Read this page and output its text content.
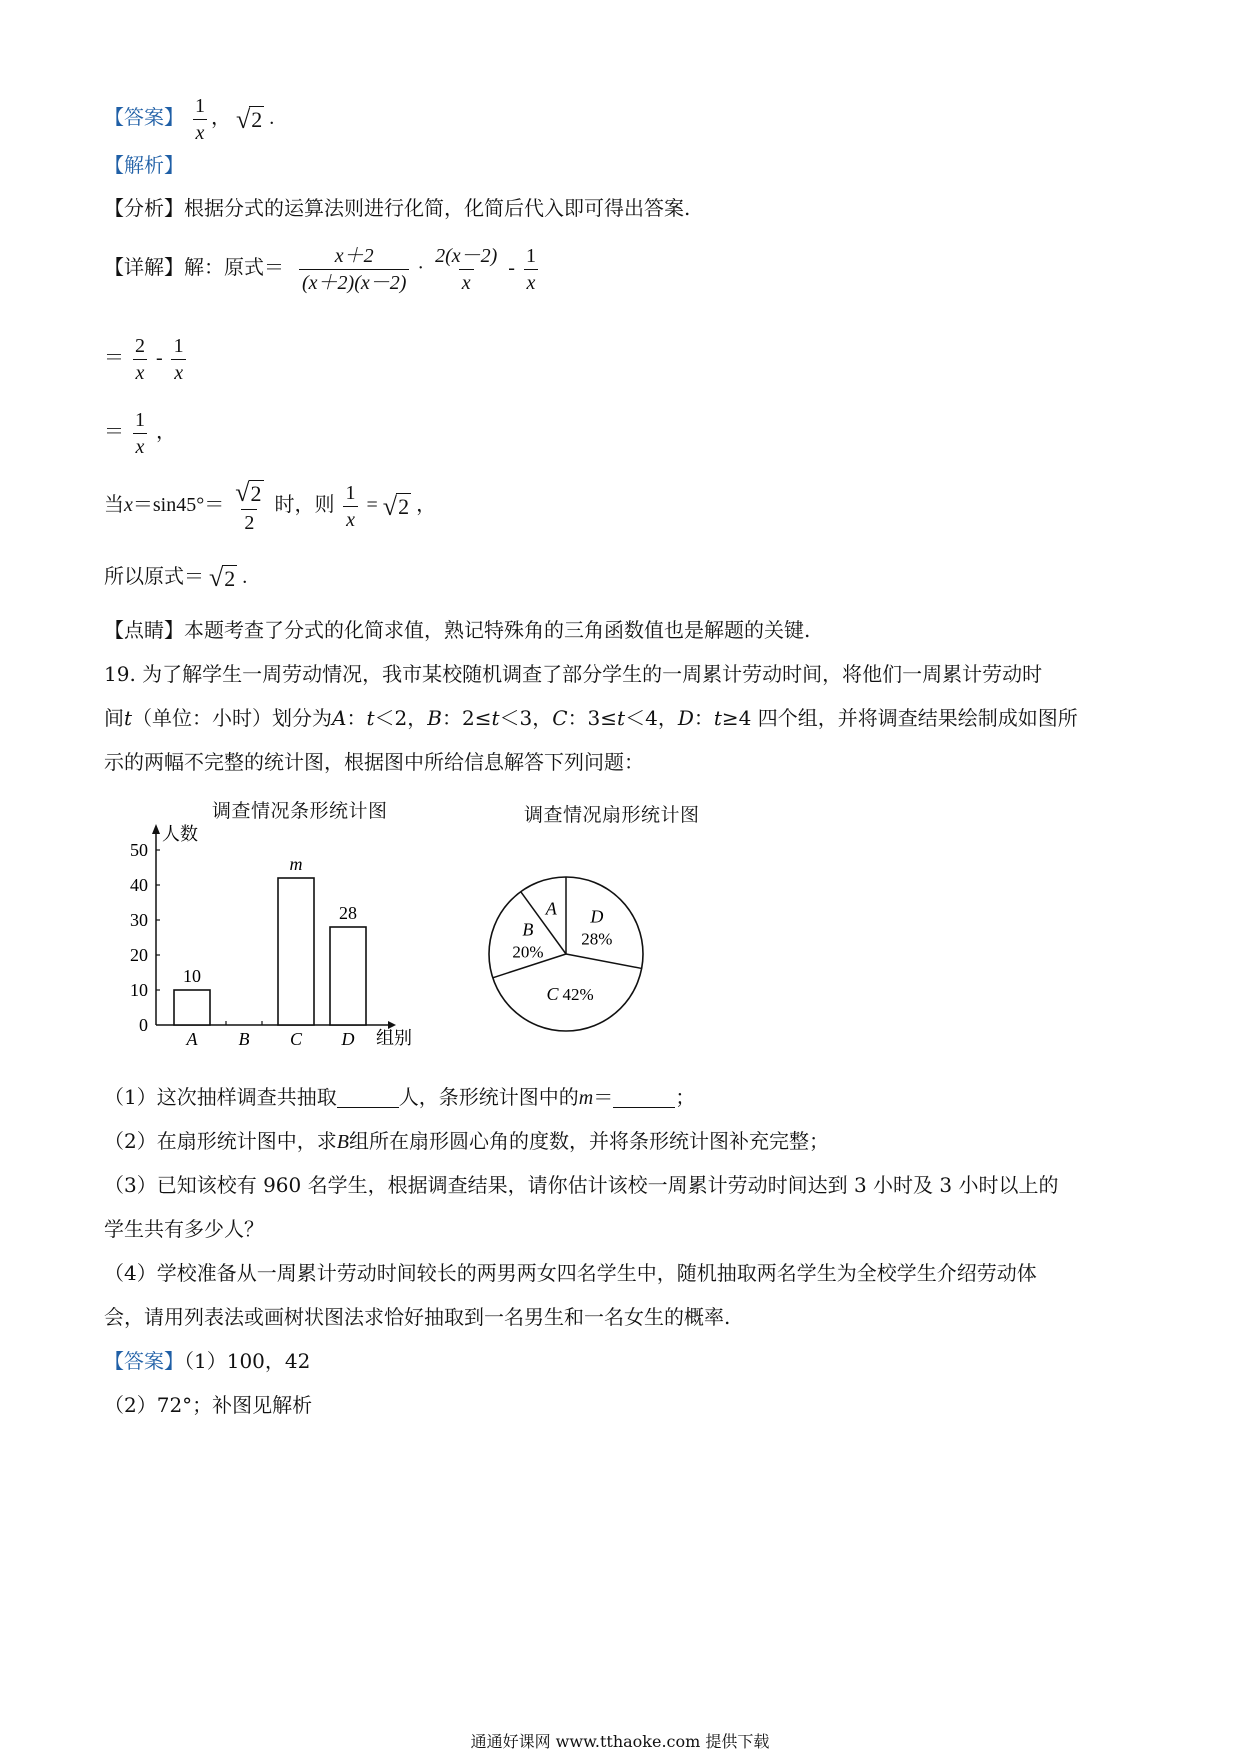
【答案】 $\frac{1}{x}$ ， √ 2 .
【解析】
【分析】根据分式的运算法则进行化简，化简后代入即可得出答案.
【详解】解：原式＝ $\frac{x+2}{(x+2)(x-2)} \cdot \frac{2(x-2)}{x} - \frac{1}{x}$
＝ $\frac{2}{x} - \frac{1}{x}$
＝ $\frac{1}{x}$ ，
当$x=\sin 45^\circ= \frac{√ 2}{2}$ 时，则 $\frac{1}{x}$ = √ 2 ，
所以原式＝ √ 2 .
【点睛】本题考查了分式的化简求值，熟记特殊角的三角函数值也是解题的关键.
19. 为了解学生一周劳动情况，我市某校随机调查了部分学生的一周累计劳动时间，将他们一周累计劳动时
间t（单位：小时）划分为A：t＜2，B：2≤t＜3，C：3≤t＜4，D：t≥4 四个组，并将调查结果绘制成如图所
示的两幅不完整的统计图，根据图中所给信息解答下列问题：
调查情况条形统计图	调查情况扇形统计图
0
10
20
30
40
50
人数
组别
10
A B
m
C
28
D
A
B
20%
C 42%
D
28%
（1）这次抽样调查共抽取	人，条形统计图中的m＝	；
（2）在扇形统计图中，求B组所在扇形圆心角的度数，并将条形统计图补充完整；
（3）已知该校有 960 名学生，根据调查结果，请你估计该校一周累计劳动时间达到 3 小时及 3 小时以上的
学生共有多少人？
（4）学校准备从一周累计劳动时间较长的两男两女四名学生中，随机抽取两名学生为全校学生介绍劳动体
会，请用列表法或画树状图法求恰好抽取到一名男生和一名女生的概率.
【答案】（1）100，42
（2）72°；补图见解析
通通好课网 www.tthaoke.com 提供下载
